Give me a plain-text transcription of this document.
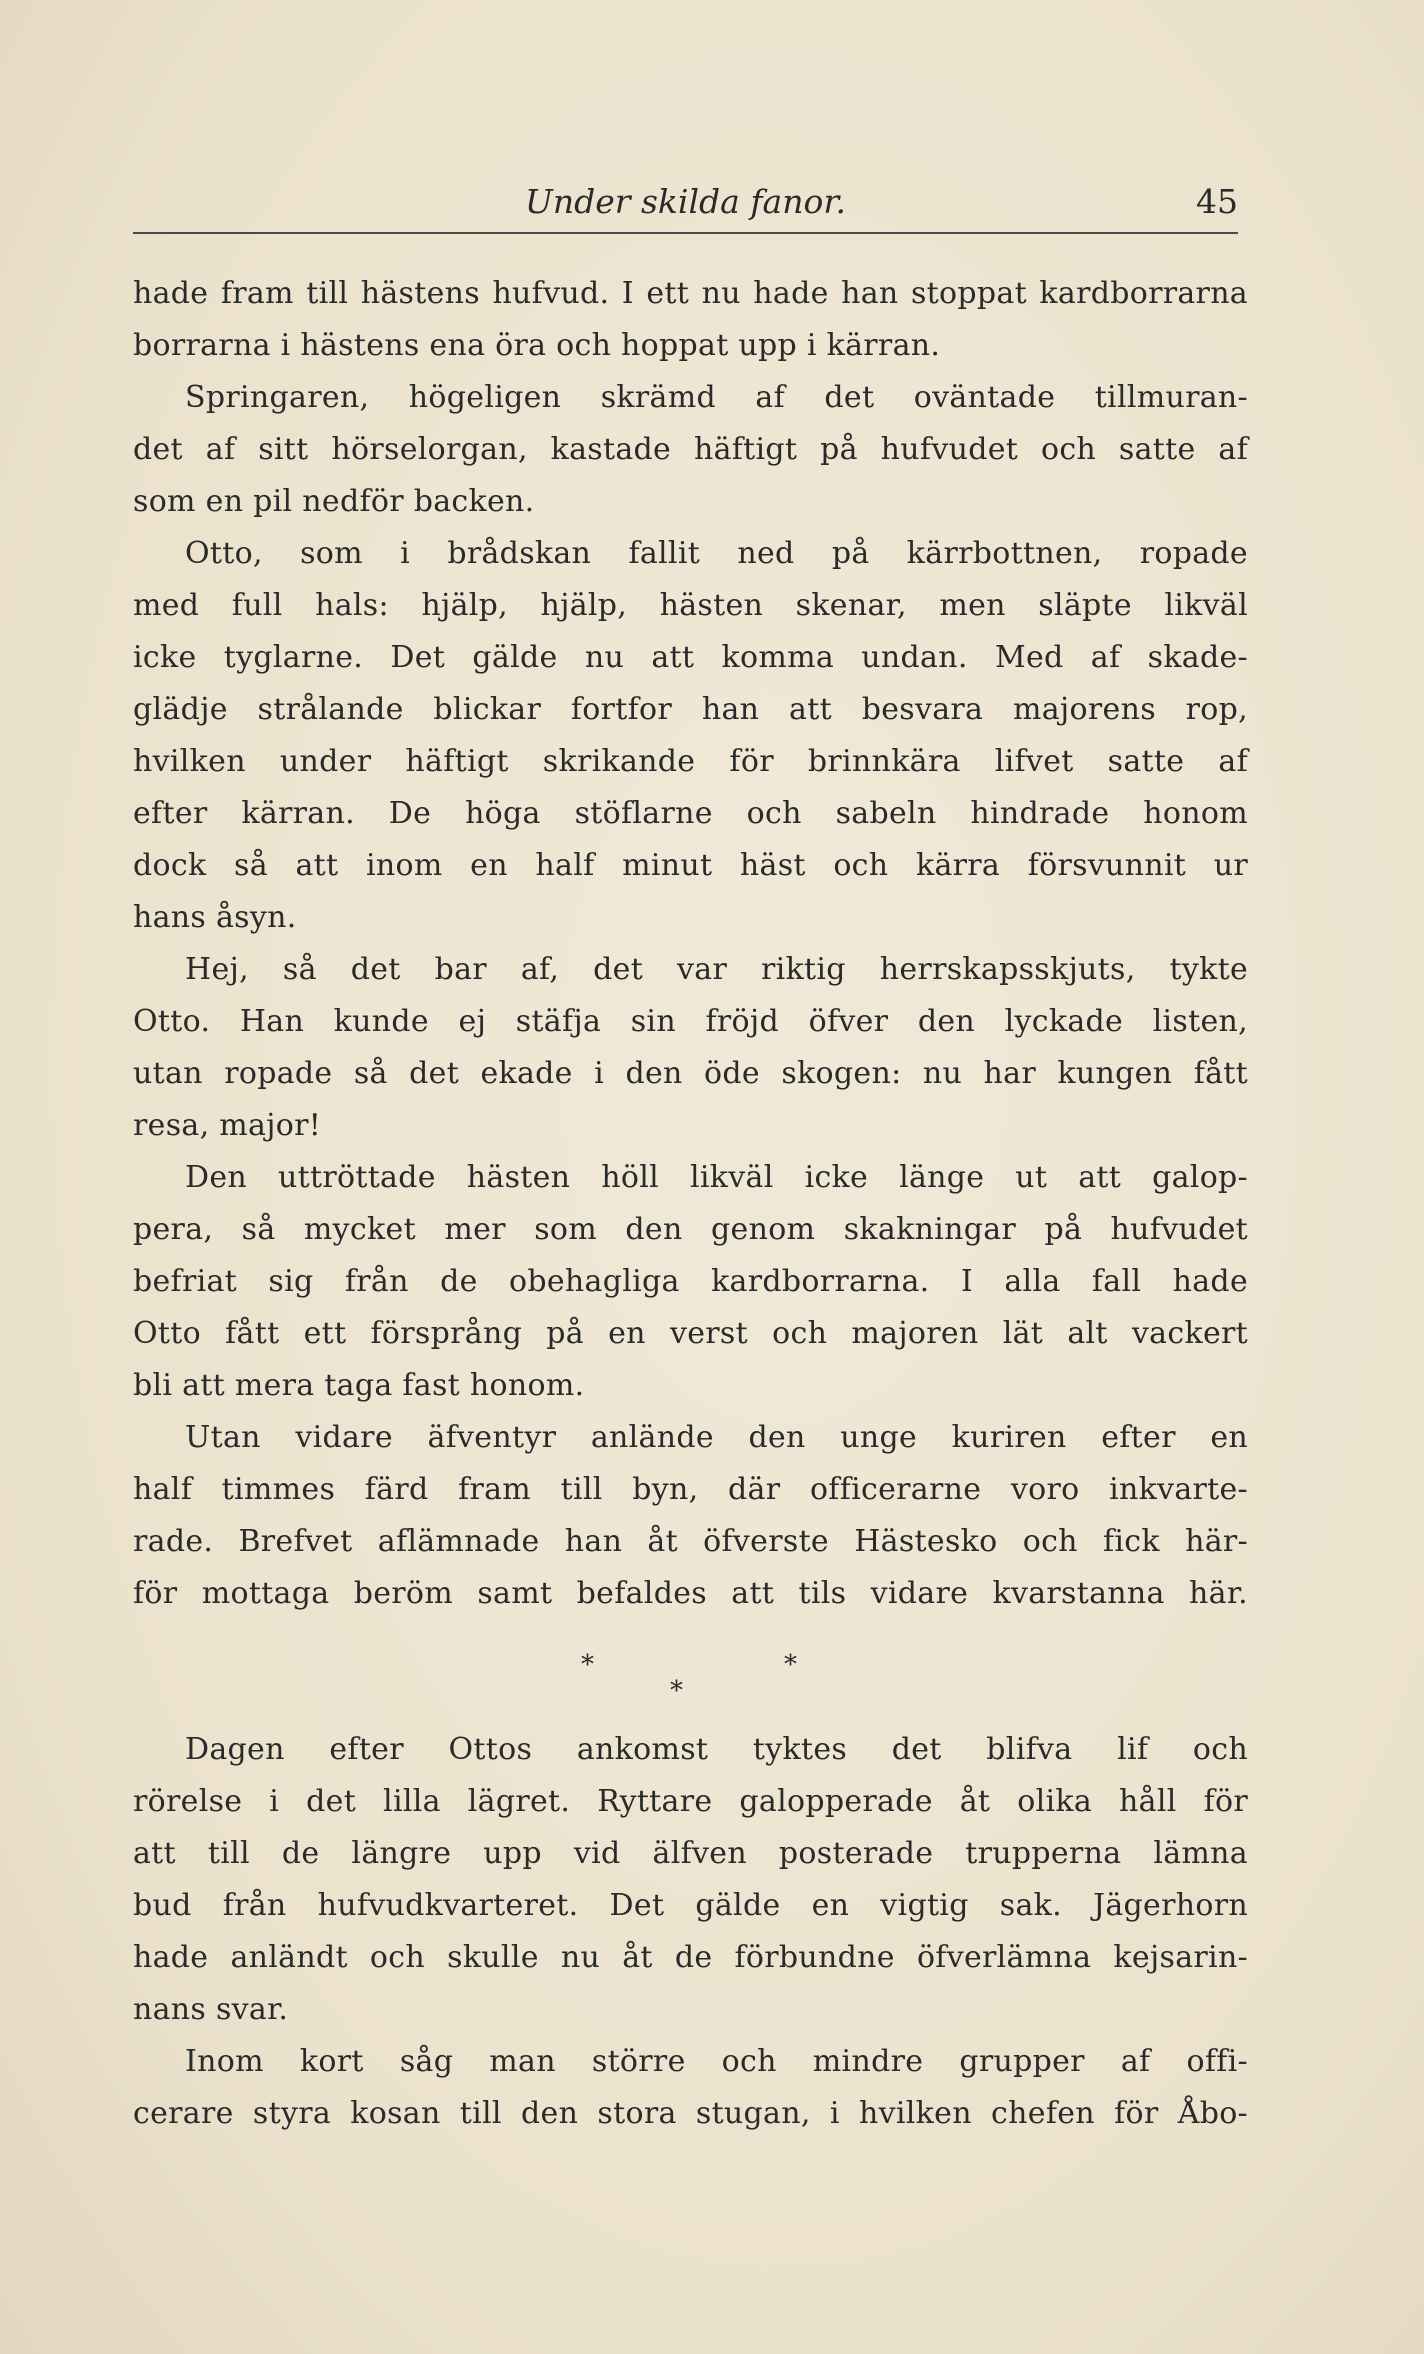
Under skilda fanor.	45
hade fram till hästens hufvud. I ett nu hade han stoppat kardborrarna
borrarna i hästens ena öra och hoppat upp i kärran.
Springaren, högeligen skrämd af det oväntade tillmuran-
det af sitt hörselorgan, kastade häftigt på hufvudet och satte af
som en pil nedför backen.
Otto, som i brådskan fallit ned på kärrbottnen, ropade
med full hals: hjälp, hjälp, hästen skenar, men släpte likväl
icke tyglarne. Det gälde nu att komma undan. Med af skade-
glädje strålande blickar fortfor han att besvara majorens rop,
hvilken under häftigt skrikande för brinnkära lifvet satte af
efter kärran. De höga stöflarne och sabeln hindrade honom
dock så att inom en half minut häst och kärra försvunnit ur
hans åsyn.
Hej, så det bar af, det var riktig herrskapsskjuts, tykte
Otto. Han kunde ej stäfja sin fröjd öfver den lyckade listen,
utan ropade så det ekade i den öde skogen: nu har kungen fått
resa, major!
Den uttröttade hästen höll likväl icke länge ut att galop-
pera, så mycket mer som den genom skakningar på hufvudet
befriat sig från de obehagliga kardborrarna. I alla fall hade
Otto fått ett försprång på en verst och majoren lät alt vackert
bli att mera taga fast honom.
Utan vidare äfventyr anlände den unge kuriren efter en
half timmes färd fram till byn, där officerarne voro inkvarte-
rade. Brefvet aflämnade han åt öfverste Hästesko och fick här-
för mottaga beröm samt befaldes att tils vidare kvarstanna här.
*
*
*
Dagen efter Ottos ankomst tyktes det blifva lif och
rörelse i det lilla lägret. Ryttare galopperade åt olika håll för
att till de längre upp vid älfven posterade trupperna lämna
bud från hufvudkvarteret. Det gälde en vigtig sak. Jägerhorn
hade anländt och skulle nu åt de förbundne öfverlämna kejsarin-
nans svar.
Inom kort såg man större och mindre grupper af offi-
cerare styra kosan till den stora stugan, i hvilken chefen för Åbo-
